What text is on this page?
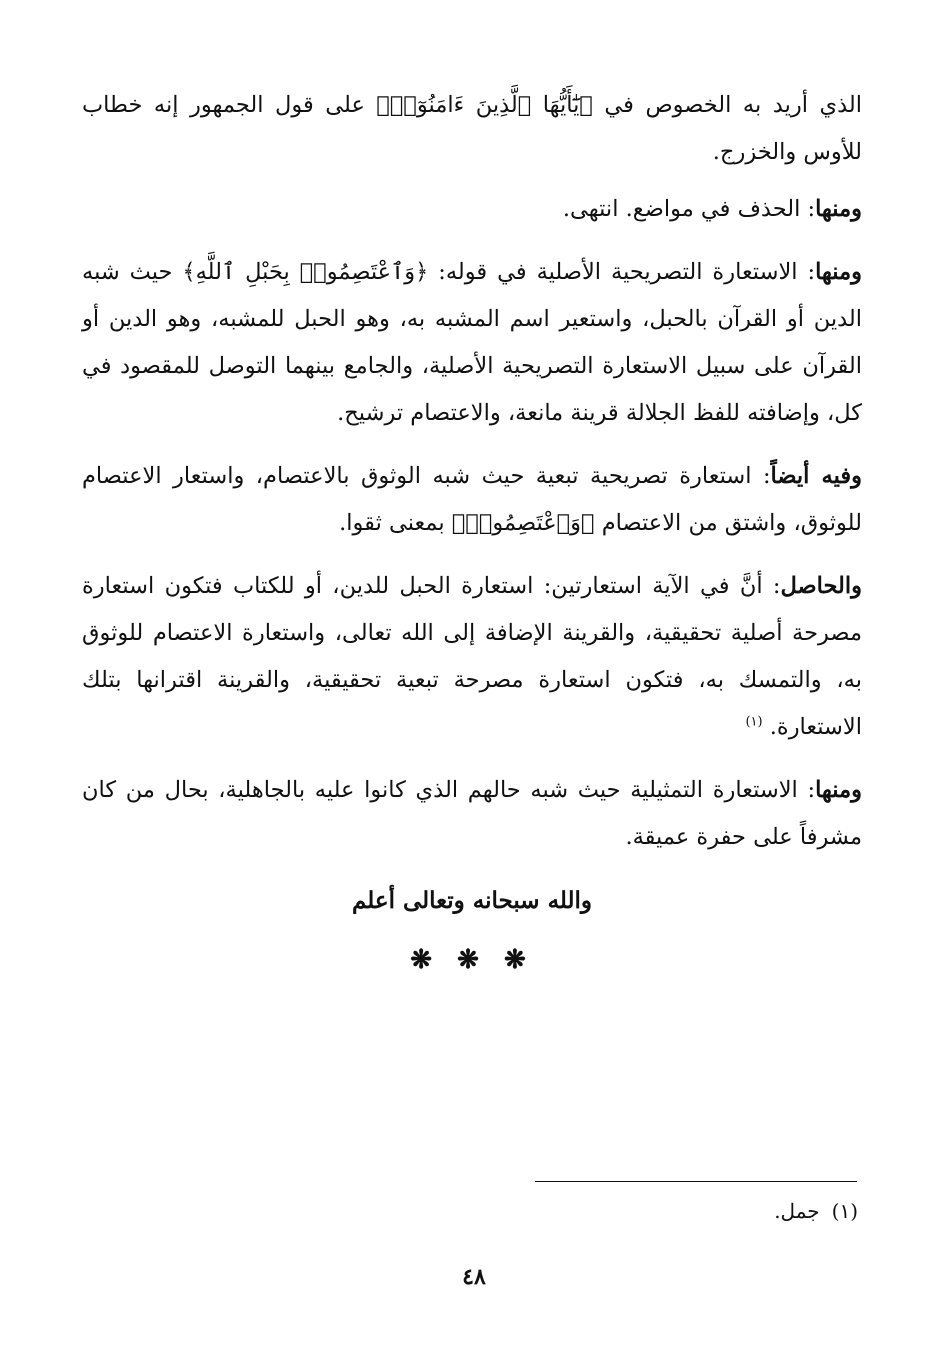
الذي أريد به الخصوص في ﴿يَٰٓأَيُّهَا ٱلَّذِينَ ءَامَنُوٓا۟﴾ على قول الجمهور إنه خطاب للأوس والخزرج.

ومنها: الحذف في مواضع. انتهى.

ومنها: الاستعارة التصريحية الأصلية في قوله: ﴿وَٱعْتَصِمُوا۟ بِحَبْلِ ٱللَّهِ﴾ حيث شبه الدين أو القرآن بالحبل، واستعير اسم المشبه به، وهو الحبل للمشبه، وهو الدين أو القرآن على سبيل الاستعارة التصريحية الأصلية، والجامع بينهما التوصل للمقصود في كل، وإضافته للفظ الجلالة قرينة مانعة، والاعتصام ترشيح.

وفيه أيضاً: استعارة تصريحية تبعية حيث شبه الوثوق بالاعتصام، واستعار الاعتصام للوثوق، واشتق من الاعتصام ﴿وَٱعْتَصِمُوا۟﴾ بمعنى ثقوا.

والحاصل: أنَّ في الآية استعارتين: استعارة الحبل للدين، أو للكتاب فتكون استعارة مصرحة أصلية تحقيقية، والقرينة الإضافة إلى الله تعالى، واستعارة الاعتصام للوثوق به، والتمسك به، فتكون استعارة مصرحة تبعية تحقيقية، والقرينة اقترانها بتلك الاستعارة. $^{(١)}$

ومنها: الاستعارة التمثيلية حيث شبه حالهم الذي كانوا عليه بالجاهلية، بحال من كان مشرفاً على حفرة عميقة.

والله سبحانه وتعالى أعلم
❋ ❋ ❋
(١)جمل.
٤٨
